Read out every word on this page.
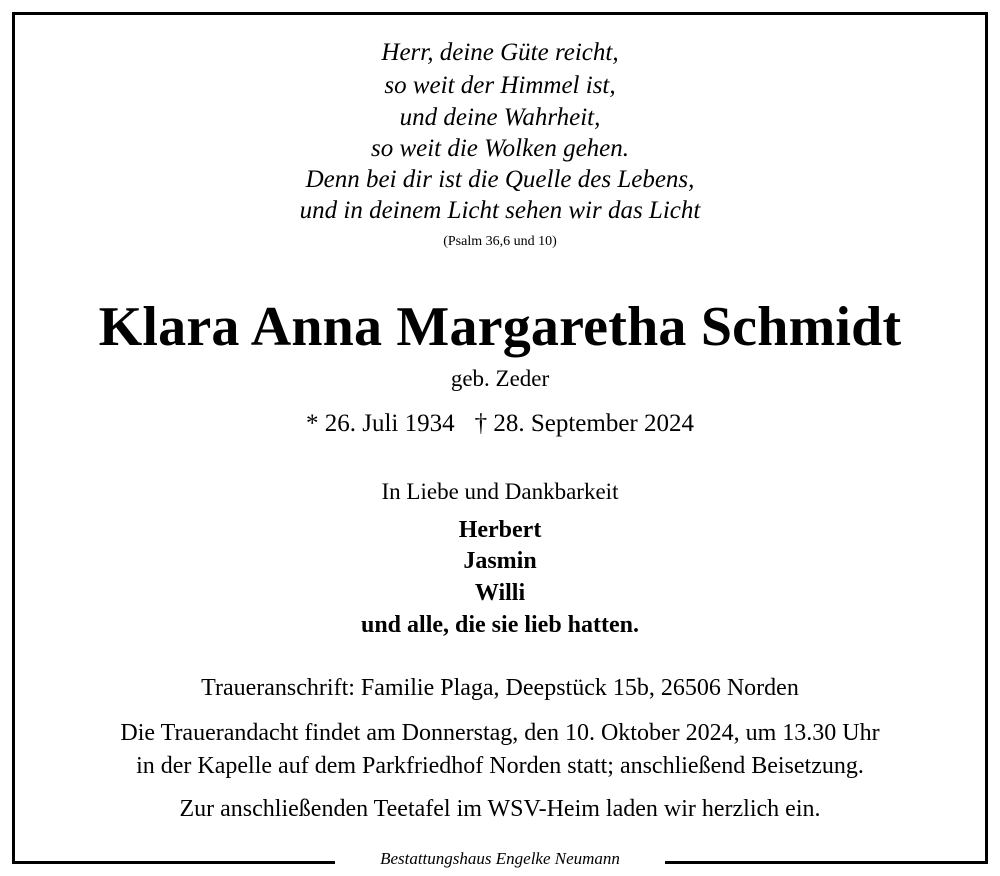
Herr, deine Güte reicht,
so weit der Himmel ist,
und deine Wahrheit,
so weit die Wolken gehen.
Denn bei dir ist die Quelle des Lebens,
und in deinem Licht sehen wir das Licht
(Psalm 36,6 und 10)
Klara Anna Margaretha Schmidt
geb. Zeder
* 26. Juli 1934 † 28. September 2024
In Liebe und Dankbarkeit
Herbert
Jasmin
Willi
und alle, die sie lieb hatten.
Traueranschrift: Familie Plaga, Deepstück 15b, 26506 Norden
Die Trauerandacht findet am Donnerstag, den 10. Oktober 2024, um 13.30 Uhr
in der Kapelle auf dem Parkfriedhof Norden statt; anschließend Beisetzung.
Zur anschließenden Teetafel im WSV-Heim laden wir herzlich ein.
Bestattungshaus Engelke Neumann
